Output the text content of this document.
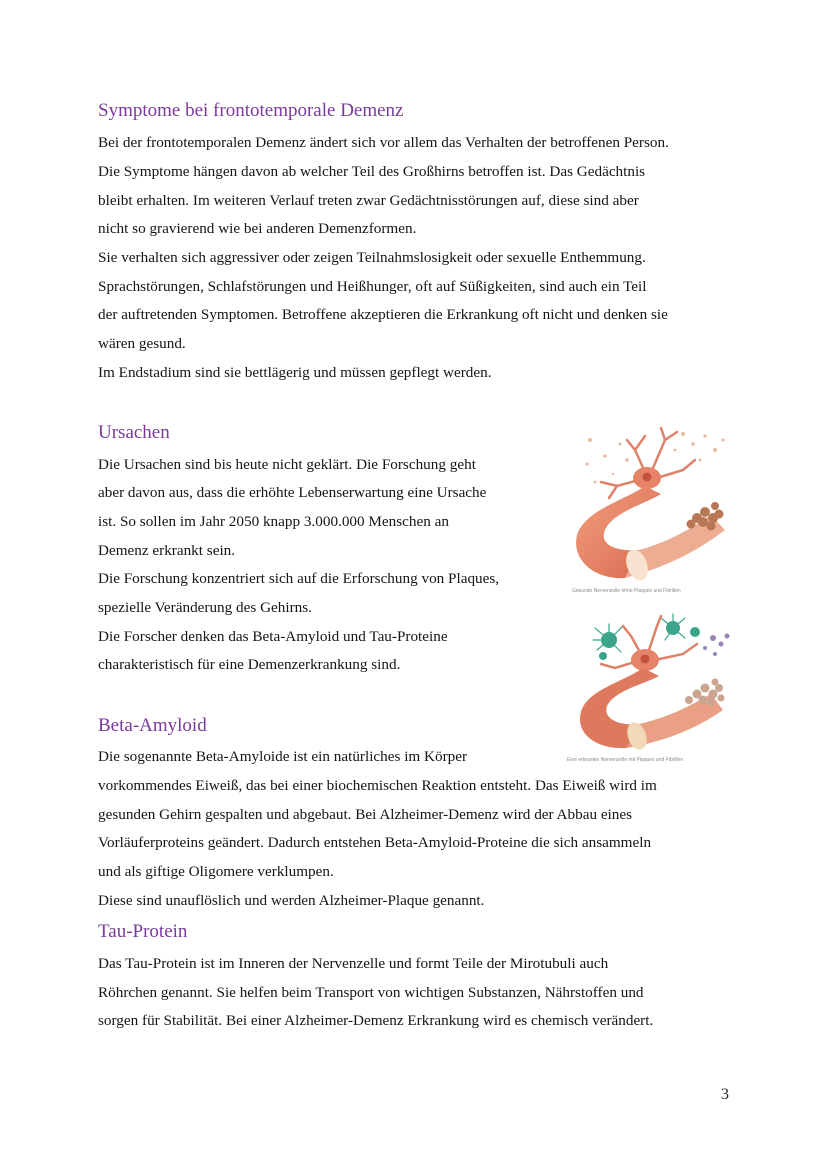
Symptome bei frontotemporale Demenz
Bei der frontotemporalen Demenz ändert sich vor allem das Verhalten der betroffenen Person.
Die Symptome hängen davon ab welcher Teil des Großhirns betroffen ist. Das Gedächtnis
bleibt erhalten. Im weiteren Verlauf treten zwar Gedächtnisstörungen auf, diese sind aber
nicht so gravierend wie bei anderen Demenzformen.
Sie verhalten sich aggressiver oder zeigen Teilnahmslosigkeit oder sexuelle Enthemmung.
Sprachstörungen, Schlafstörungen und Heißhunger, oft auf Süßigkeiten, sind auch ein Teil
der auftretenden Symptomen. Betroffene akzeptieren die Erkrankung oft nicht und denken sie
wären gesund.
Im Endstadium sind sie bettlägerig und müssen gepflegt werden.
Ursachen
Die Ursachen sind bis heute nicht geklärt. Die Forschung geht
aber davon aus, dass die erhöhte Lebenserwartung eine Ursache
ist. So sollen im Jahr 2050 knapp 3.000.000 Menschen an
Demenz erkrankt sein.
Die Forschung konzentriert sich auf die Erforschung von Plaques,
spezielle Veränderung des Gehirns.
Die Forscher denken das Beta-Amyloid und Tau-Proteine
charakteristisch für eine Demenzerkrankung sind.
Beta-Amyloid
Die sogenannte Beta-Amyloide ist ein natürliches im Körper
vorkommendes Eiweiß, das bei einer biochemischen Reaktion entsteht. Das Eiweiß wird im
gesunden Gehirn gespalten und abgebaut. Bei Alzheimer-Demenz wird der Abbau eines
Vorläuferproteins geändert. Dadurch entstehen Beta-Amyloid-Proteine die sich ansammeln
und als giftige Oligomere verklumpen.
Diese sind unauflöslich und werden Alzheimer-Plaque genannt.
Tau-Protein
Das Tau-Protein ist im Inneren der Nervenzelle und formt Teile der Mirotubuli auch
Röhrchen genannt. Sie helfen beim Transport von wichtigen Substanzen, Nährstoffen und
sorgen für Stabilität. Bei einer Alzheimer-Demenz Erkrankung wird es chemisch verändert.
Gesunde Nervenzelle ohne Plaques und Fibrillen
Eine erkrankte Nervenzelle mit Plaques und Fibrillen
3
